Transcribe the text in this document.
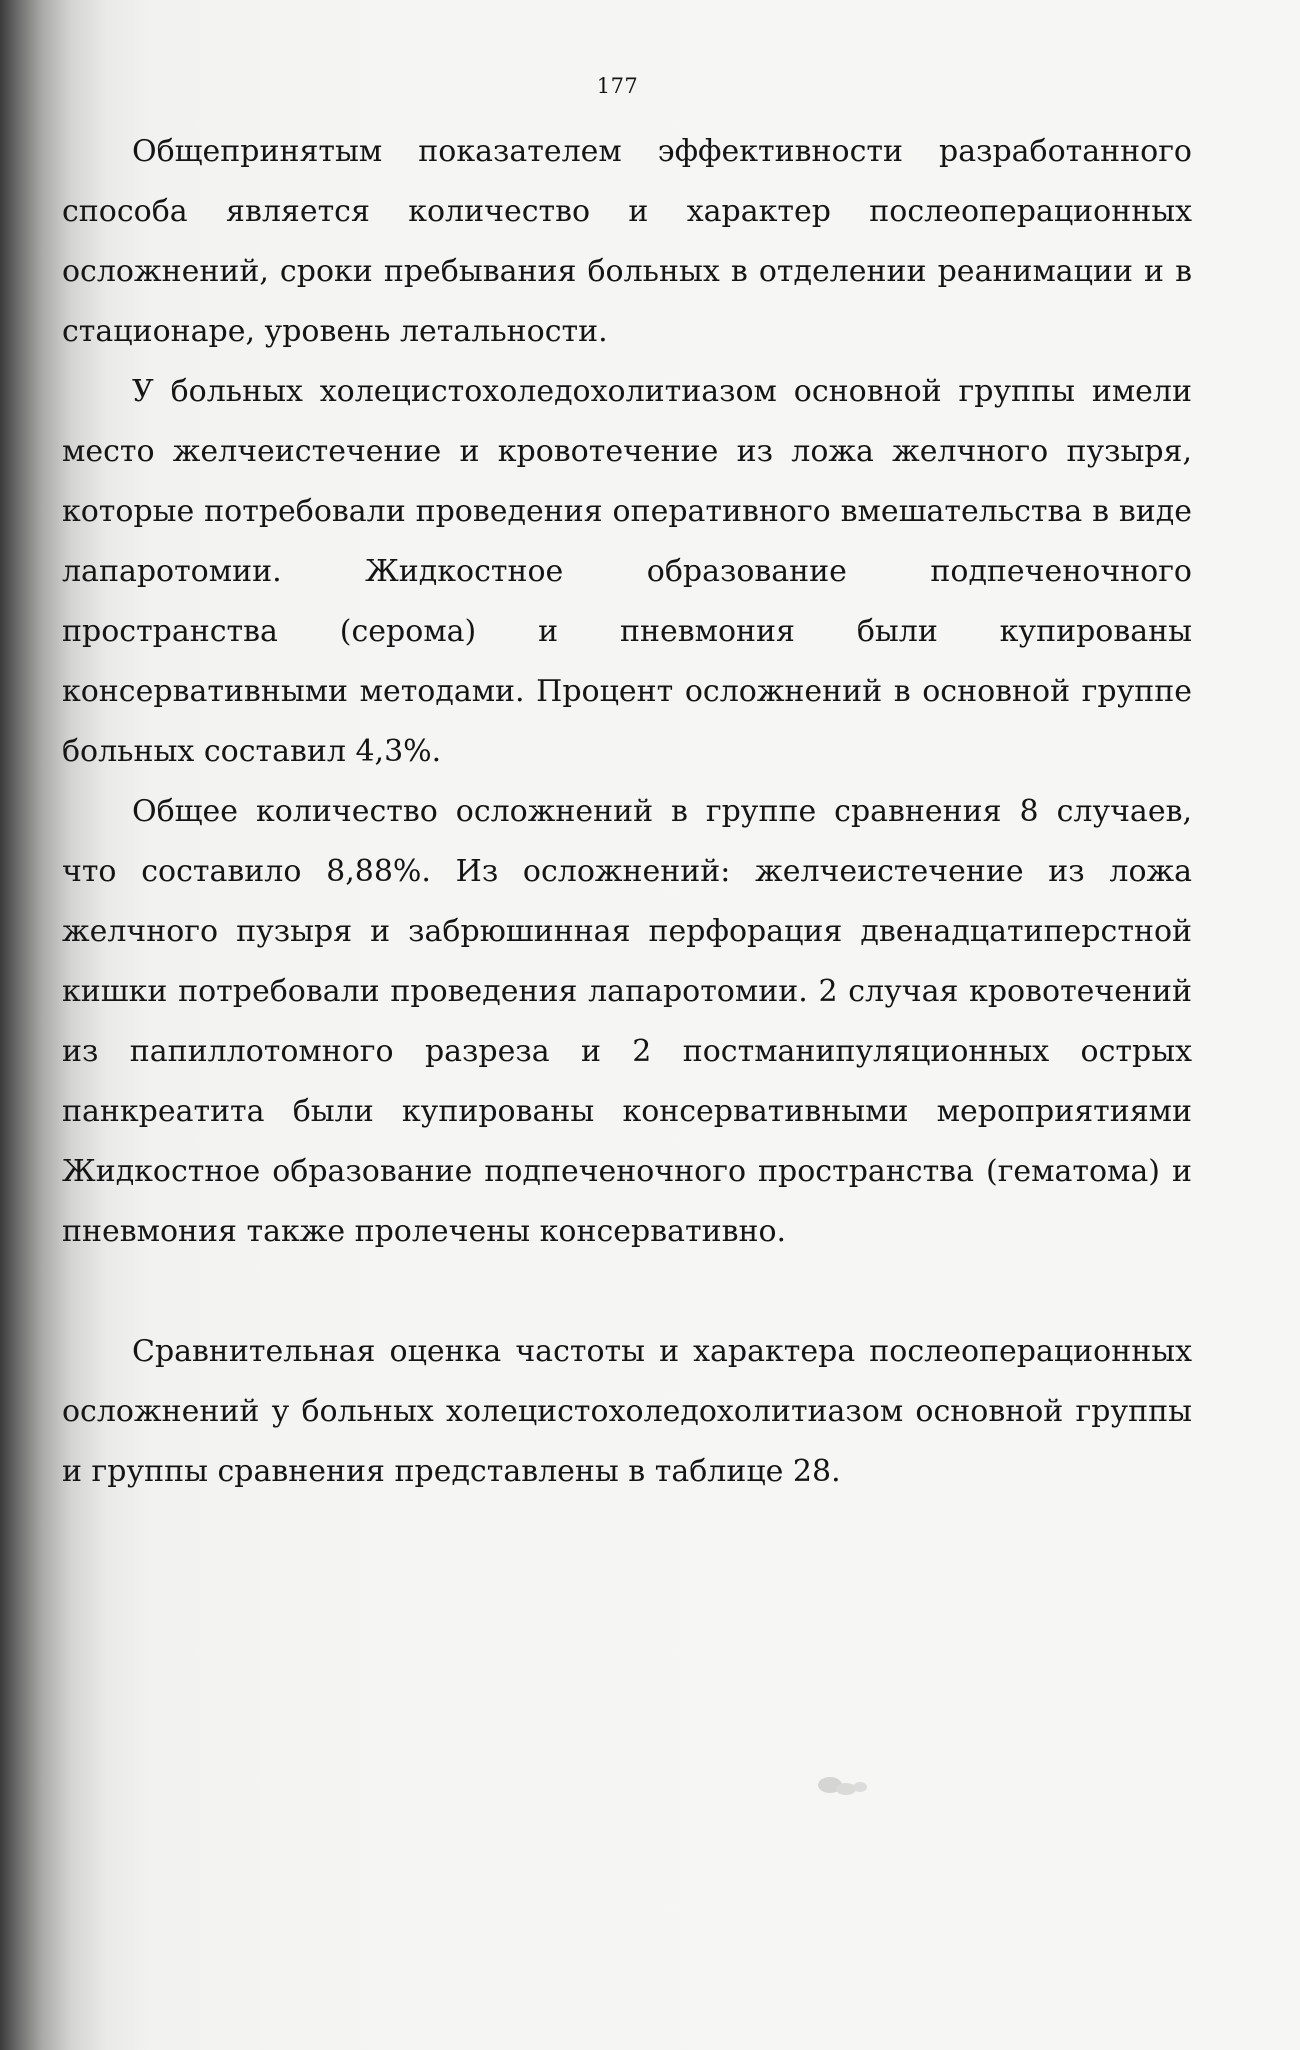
177

Общепринятым показателем эффективности разработанного способа является количество и характер послеоперационных осложнений, сроки пребывания больных в отделении реанимации и в стационаре, уровень летальности.

У больных холецистохоледохолитиазом основной группы имели место желчеистечение и кровотечение из ложа желчного пузыря, которые потребовали проведения оперативного вмешательства в виде лапаротомии. Жидкостное образование подпеченочного пространства (серома) и пневмония были купированы консервативными методами. Процент осложнений в основной группе больных составил 4,3%.

Общее количество осложнений в группе сравнения 8 случаев, что составило 8,88%. Из осложнений: желчеистечение из ложа желчного пузыря и забрюшинная перфорация двенадцатиперстной кишки потребовали проведения лапаротомии. 2 случая кровотечений из папиллотомного разреза и 2 постманипуляционных острых панкреатита были купированы консервативными мероприятиями Жидкостное образование подпеченочного пространства (гематома) и пневмония также пролечены консервативно.

Сравнительная оценка частоты и характера послеоперационных осложнений у больных холецистохоледохолитиазом основной группы и группы сравнения представлены в таблице 28.
